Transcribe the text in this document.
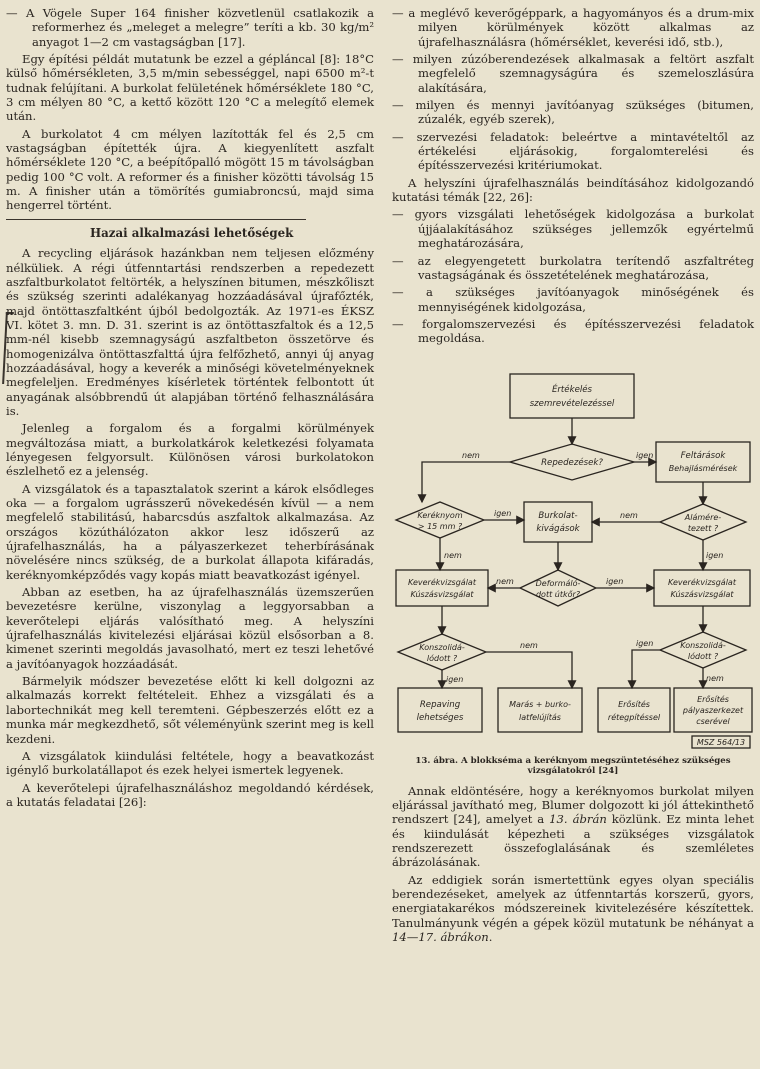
— A Vögele Super 164 finisher közvetlenül csatlakozik a reformerhez és „meleget a melegre” teríti a kb. 30 kg/m² anyagot 1—2 cm vastagságban [17].

Egy építési példát mutatunk be ezzel a gépláncal [8]: 18°C külső hőmérsékleten, 3,5 m/min sebességgel, napi 6500 m²-t tudnak felújítani. A burkolat felületének hőmérséklete 180 °C, 3 cm mélyen 80 °C, a kettő között 120 °C a melegítő elemek után.

A burkolatot 4 cm mélyen lazították fel és 2,5 cm vastagságban építették újra. A kiegyenlített aszfalt hőmérséklete 120 °C, a beépítőpalló mögött 15 m távolságban pedig 100 °C volt. A reformer és a finisher közötti távolság 15 m. A finisher után a tömörítés gumiabroncsú, majd sima hengerrel történt.

Hazai alkalmazási lehetőségek

A recycling eljárások hazánkban nem teljesen előzmény nélküliek. A régi útfenntartási rendszerben a repedezett aszfaltburkolatot feltörték, a helyszínen bitumen, mészkőliszt és szükség szerinti adalékanyag hozzáadásával újrafőzték, majd öntöttaszfaltként újból bedolgozták. Az 1971-es ÉKSZ VI. kötet 3. mn. D. 31. szerint is az öntöttaszfaltok és a 12,5 mm-nél kisebb szemnagyságú aszfaltbeton összetörve és homogenizálva öntöttaszfalttá újra felfőzhető, annyi új anyag hozzáadásával, hogy a keverék a minőségi követelményeknek megfeleljen. Eredményes kísérletek történtek felbontott út anyagának alsóbbrendű út alapjában történő felhasználására is.

Jelenleg a forgalom és a forgalmi körülmények megváltozása miatt, a burkolatkárok keletkezési folyamata lényegesen felgyorsult. Különösen városi burkolatokon észlelhető ez a jelenség.

A vizsgálatok és a tapasztalatok szerint a károk elsődleges oka — a forgalom ugrásszerű növekedésén kívül — a nem megfelelő stabilitású, habarcsdús aszfaltok alkalmazása. Az országos közúthálózaton akkor lesz időszerű az újrafelhasználás, ha a pályaszerkezet teherbírásának növelésére nincs szükség, de a burkolat állapota kifáradás, keréknyomképződés vagy kopás miatt beavatkozást igényel.

Abban az esetben, ha az újrafelhasználás üzemszerűen bevezetésre kerülne, viszonylag a leggyorsabban a keverőtelepi eljárás valósítható meg. A helyszíni újrafelhasználás kivitelezési eljárásai közül elsősorban a 8. kimenet szerinti megoldás javasolható, mert ez teszi lehetővé a javítóanyagok hozzáadását.

Bármelyik módszer bevezetése előtt ki kell dolgozni az alkalmazás korrekt feltételeit. Ehhez a vizsgálati és a labortechnikát meg kell teremteni. Gépbeszerzés előtt ez a munka már megkezdhető, sőt véleményünk szerint meg is kell kezdeni.

A vizsgálatok kiindulási feltétele, hogy a beavatkozást igénylő burkolatállapot és ezek helyei ismertek legyenek.

A keverőtelepi újrafelhasználáshoz megoldandó kérdések, a kutatás feladatai [26]:

— a meglévő keverőgéppark, a hagyományos és a drum-mix milyen körülmények között alkalmas az újrafelhasználásra (hőmérséklet, keverési idő, stb.),

— milyen zúzóberendezések alkalmasak a feltört aszfalt megfelelő szemnagyságúra és szemeloszlásúra alakítására,

— milyen és mennyi javítóanyag szükséges (bitumen, zúzalék, egyéb szerek),

— szervezési feladatok: beleértve a mintavételtől az értékelési eljárásokig, forgalomterelési és építésszervezési kritériumokat.

A helyszíni újrafelhasználás beindításához kidolgozandó kutatási témák [22, 26]:

— gyors vizsgálati lehetőségek kidolgozása a burkolat újjáalakításához szükséges jellemzők egyértelmű meghatározására,

— az elegyengetett burkolatra terítendő aszfaltréteg vastagságának és összetételének meghatározása,

— a szükséges javítóanyagok minőségének és mennyiségének kidolgozása,

— forgalomszervezési és építésszervezési feladatok megoldása.

Értékelés
szemrevételezéssel
Repedezések?
Feltárások
Behajlásmérések
Keréknyom
> 15 mm ?
Burkolat-
kivágások
Alámére-
tezett ?
Keverékvizsgálat
Kúszásvizsgálat
Deformáló-
dott útkőr?
Keverékvizsgálat
Kúszásvizsgálat
Konszolidá-
lódott ?
Konszolidá-
lódott ?
Repaving
lehetséges
Marás + burko-
latfelújítás
Erősítés
rétegpítéssel
Erősítés
pályaszerkezet
cserével
nem	igen
igen	nem
igen
nem
nem	igen
nem
igen
igen
nem
MSZ 564/13
13. ábra. A blokkséma a keréknyom megszüntetéséhez szükséges vizsgálatokról [24]

Annak eldöntésére, hogy a keréknyomos burkolat milyen eljárással javítható meg, Blumer dolgozott ki jól áttekinthető rendszert [24], amelyet a 13. ábrán közlünk. Ez minta lehet és kiindulását képezheti a szükséges vizsgálatok rendszerezett összefoglalásának és szemléletes ábrázolásának.

Az eddigiek során ismertettünk egyes olyan speciális berendezéseket, amelyek az útfenntartás korszerű, gyors, energiatakarékos módszereinek kivitelezésére készítettek. Tanulmányunk végén a gépek közül mutatunk be néhányat a 14—17. ábrákon.
